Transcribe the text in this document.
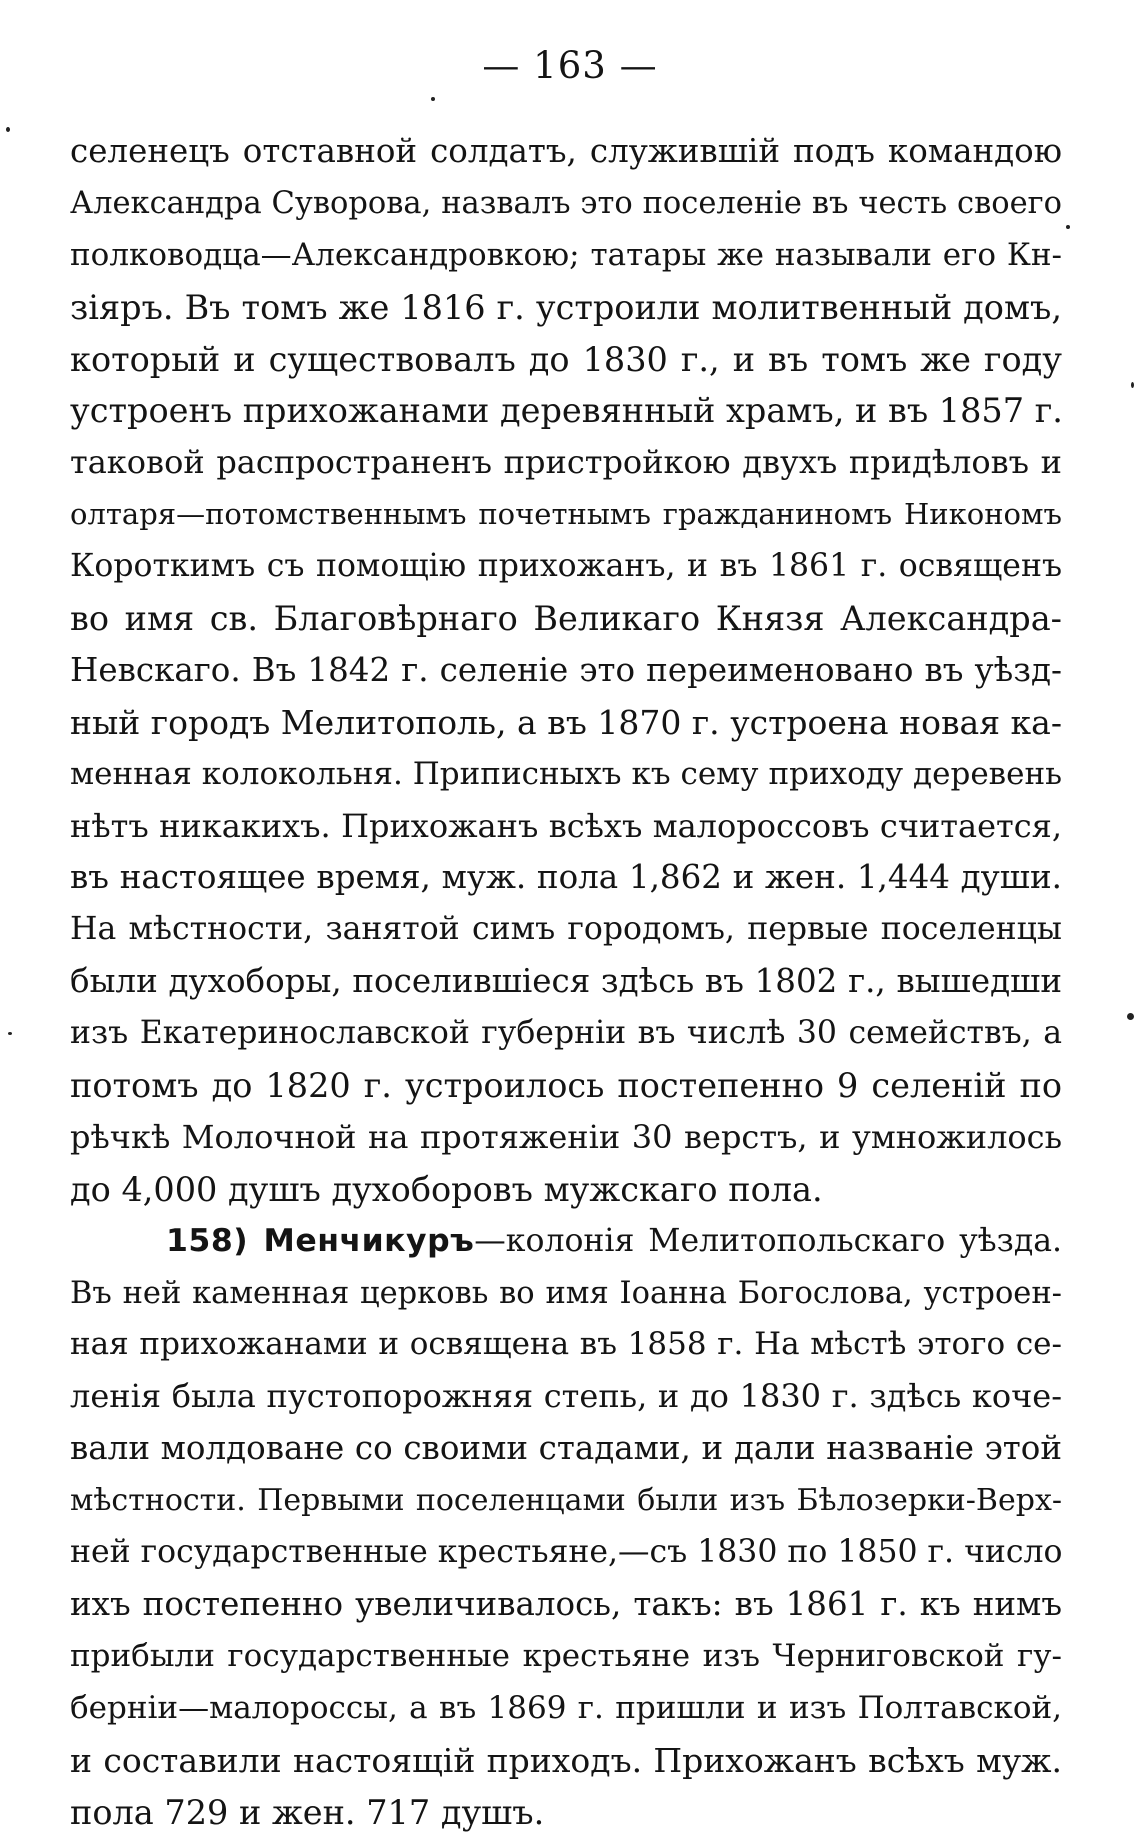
— 163 —
селенецъ отставной солдатъ, служившій подъ командою
Александра Суворова, назвалъ это поселеніе въ честь своего
полководца—Александровкою; татары же называли его Кн-
зіяръ. Въ томъ же 1816 г. устроили молитвенный домъ,
который и существовалъ до 1830 г., и въ томъ же году
устроенъ прихожанами деревянный храмъ, и въ 1857 г.
таковой распространенъ пристройкою двухъ придѣловъ и
олтаря—потомственнымъ почетнымъ гражданиномъ Никономъ
Короткимъ съ помощію прихожанъ, и въ 1861 г. освященъ
во имя св. Благовѣрнаго Великаго Князя Александра-
Невскаго. Въ 1842 г. селеніе это переименовано въ уѣзд-
ный городъ Мелитополь, а въ 1870 г. устроена новая ка-
менная колокольня. Приписныхъ къ сему приходу деревень
нѣтъ никакихъ. Прихожанъ всѣхъ малороссовъ считается,
въ настоящее время, муж. пола 1,862 и жен. 1,444 души.
На мѣстности, занятой симъ городомъ, первые поселенцы
были духоборы, поселившіеся здѣсь въ 1802 г., вышедши
изъ Екатеринославской губерніи въ числѣ 30 семействъ, а
потомъ до 1820 г. устроилось постепенно 9 селеній по
рѣчкѣ Молочной на протяженіи 30 верстъ, и умножилось
до 4,000 душъ духоборовъ мужскаго пола.
158) Менчикуръ—колонія Мелитопольскаго уѣзда.
Въ ней каменная церковь во имя Іоанна Богослова, устроен-
ная прихожанами и освящена въ 1858 г. На мѣстѣ этого се-
ленія была пустопорожняя степь, и до 1830 г. здѣсь коче-
вали молдоване со своими стадами, и дали названіе этой
мѣстности. Первыми поселенцами были изъ Бѣлозерки-Верх-
ней государственные крестьяне,—съ 1830 по 1850 г. число
ихъ постепенно увеличивалось, такъ: въ 1861 г. къ нимъ
прибыли государственные крестьяне изъ Черниговской гу-
берніи—малороссы, а въ 1869 г. пришли и изъ Полтавской,
и составили настоящій приходъ. Прихожанъ всѣхъ муж.
пола 729 и жен. 717 душъ.
